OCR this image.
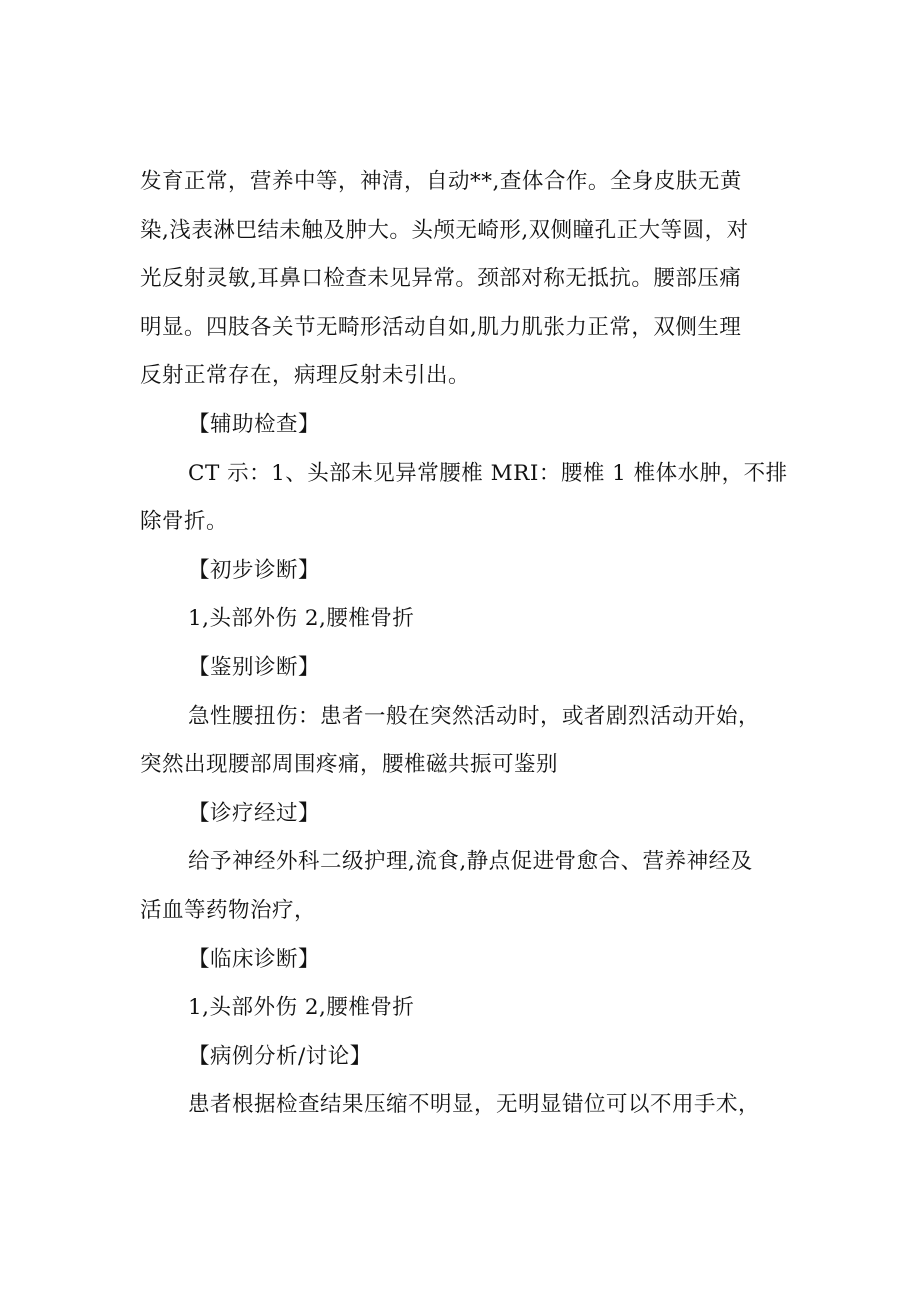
发育正常，营养中等，神清，自动**,查体合作。全身皮肤无黄
染,浅表淋巴结未触及肿大。头颅无崎形,双侧瞳孔正大等圆，对
光反射灵敏,耳鼻口检查未见异常。颈部对称无抵抗。腰部压痛
明显。四肢各关节无畸形活动自如,肌力肌张力正常，双侧生理
反射正常存在，病理反射未引出。
【辅助检查】
CT 示：1、头部未见异常腰椎 MRI：腰椎 1 椎体水肿，不排
除骨折。
【初步诊断】
1,头部外伤 2,腰椎骨折
【鉴别诊断】
急性腰扭伤：患者一般在突然活动时，或者剧烈活动开始，
突然出现腰部周围疼痛，腰椎磁共振可鉴别
【诊疗经过】
给予神经外科二级护理,流食,静点促进骨愈合、营养神经及
活血等药物治疗，
【临床诊断】
1,头部外伤 2,腰椎骨折
【病例分析/讨论】
患者根据检查结果压缩不明显，无明显错位可以不用手术，
